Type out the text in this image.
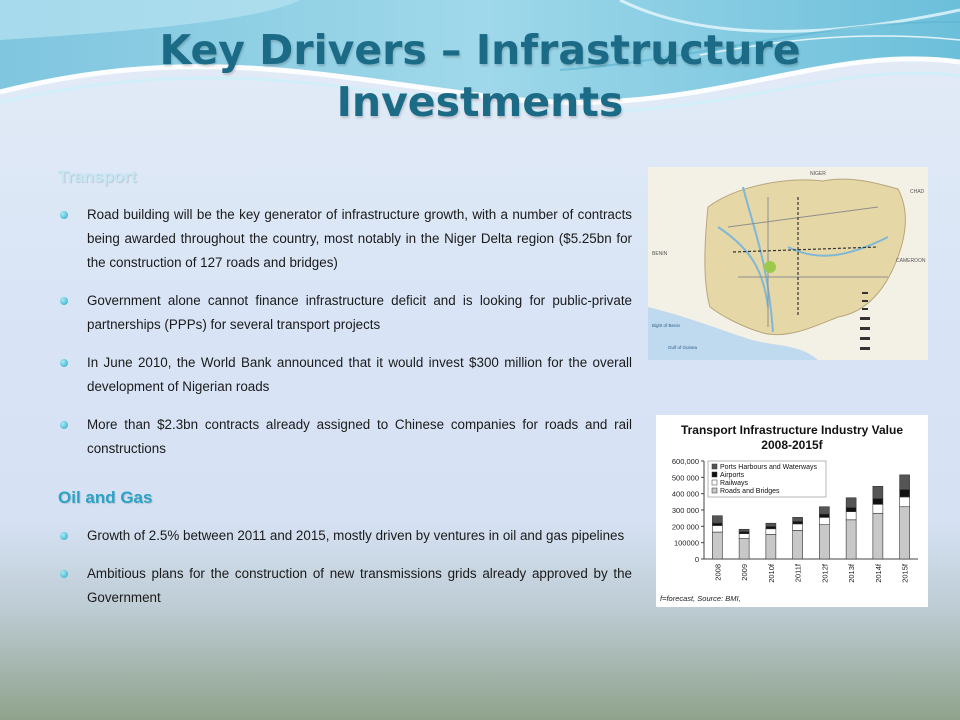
Key Drivers – Infrastructure Investments
Transport
Road building will be the key generator of infrastructure growth, with a number of contracts being awarded throughout the country, most notably in the Niger Delta region ($5.25bn for the construction of 127 roads and bridges)
Government alone cannot finance infrastructure deficit and is looking for public-private partnerships (PPPs) for several transport projects
In June 2010, the World Bank announced that it would invest $300 million for the overall development of Nigerian roads
More than $2.3bn contracts already assigned to Chinese companies for roads and rail constructions
Oil and Gas
Growth of 2.5% between 2011 and 2015, mostly driven by ventures in oil and gas pipelines
Ambitious plans for the construction of new transmissions grids already approved by the Government
NIGER
CHAD
BENIN
CAMEROON
Bight of Benin
Gulf of Guinea
Transport Infrastructure Industry Value
2008-2015f
0
100000
200 000
300 000
400 000
500 000
600,000
2008 2009 2010f 2011f 2012f 2013f 2014f 2015f
Ports Harbours and Waterways
Airports
Railways
Roads and Bridges
f=forecast, Source: BMI,
